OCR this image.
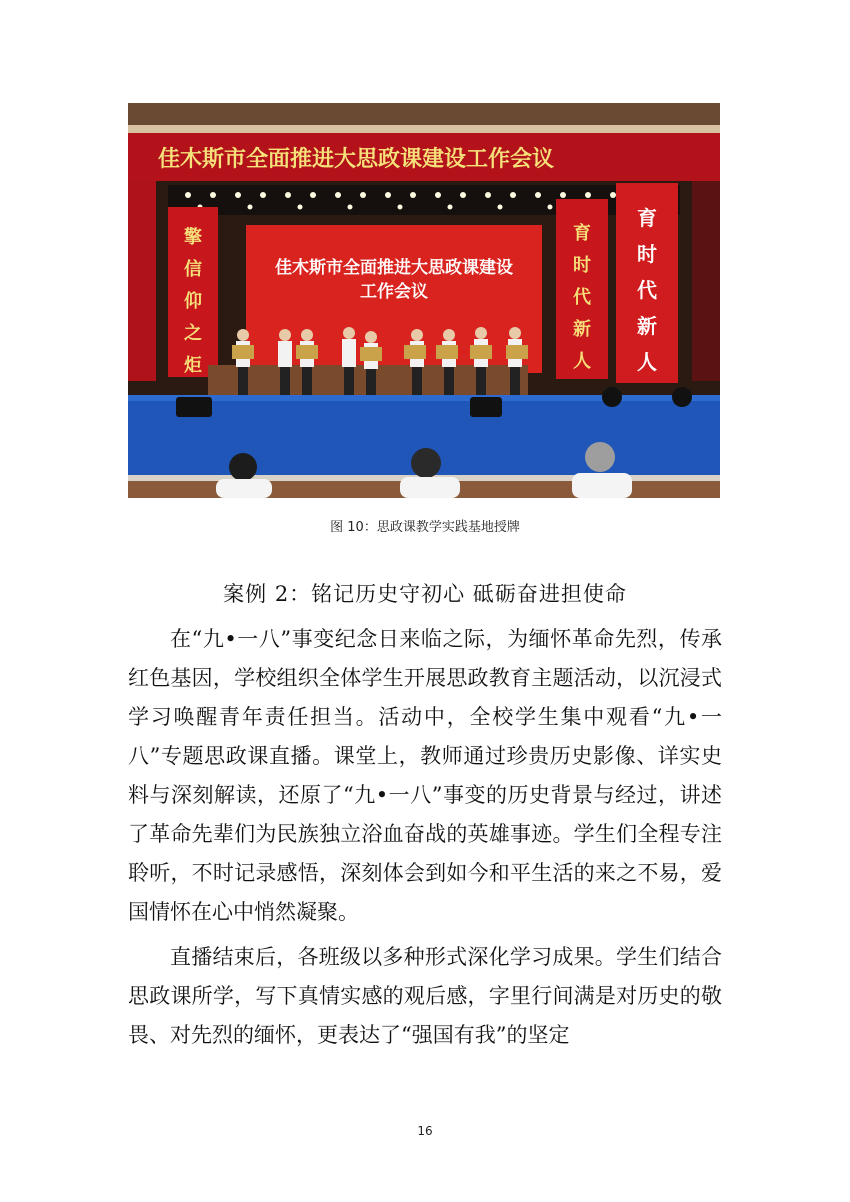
佳木斯市全面推进大思政课建设工作会议
擎
信
仰
之
炬
佳木斯市全面推进大思政课建设
工作会议
育
时
代
新
人
育
时
代
新
人
图 10：思政课教学实践基地授牌
案例 2：铭记历史守初心 砥砺奋进担使命

在“九•一八”事变纪念日来临之际，为缅怀革命先烈，传承红色基因，学校组织全体学生开展思政教育主题活动，以沉浸式学习唤醒青年责任担当。活动中，全校学生集中观看“九•一八”专题思政课直播。课堂上，教师通过珍贵历史影像、详实史料与深刻解读，还原了“九•一八”事变的历史背景与经过，讲述了革命先辈们为民族独立浴血奋战的英雄事迹。学生们全程专注聆听，不时记录感悟，深刻体会到如今和平生活的来之不易，爱国情怀在心中悄然凝聚。

直播结束后，各班级以多种形式深化学习成果。学生们结合思政课所学，写下真情实感的观后感，字里行间满是对历史的敬畏、对先烈的缅怀，更表达了“强国有我”的坚定

16
